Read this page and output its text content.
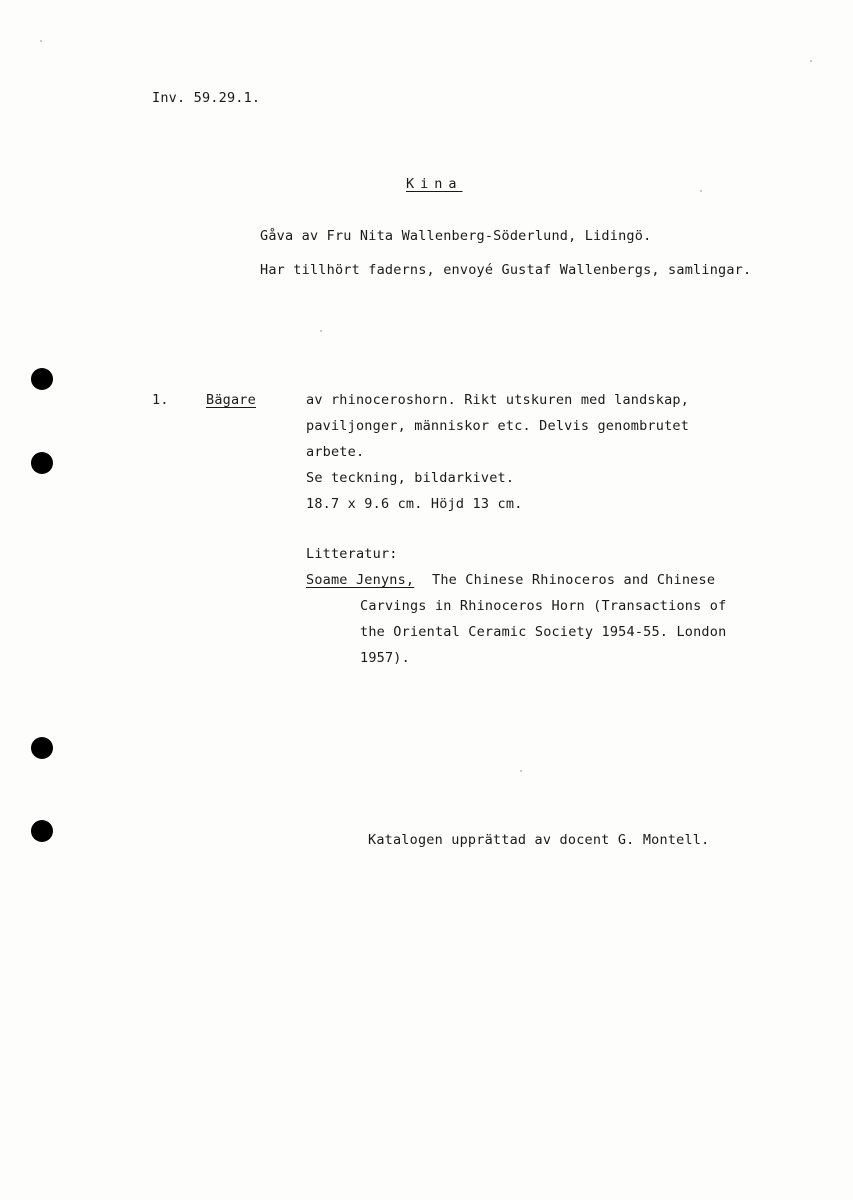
Inv. 59.29.1.
Kina
Gåva av Fru Nita Wallenberg-Söderlund, Lidingö.
Har tillhört faderns, envoyé Gustaf Wallenbergs, samlingar.
1.	Bägare	av rhinoceroshorn. Rikt utskuren med landskap,
paviljonger, människor etc. Delvis genombrutet
arbete.
Se teckning, bildarkivet.
18.7 x 9.6 cm. Höjd 13 cm.
Litteratur:
Soame Jenyns, The Chinese Rhinoceros and Chinese
Carvings in Rhinoceros Horn (Transactions of
the Oriental Ceramic Society 1954-55. London
1957).
Katalogen upprättad av docent G. Montell.
